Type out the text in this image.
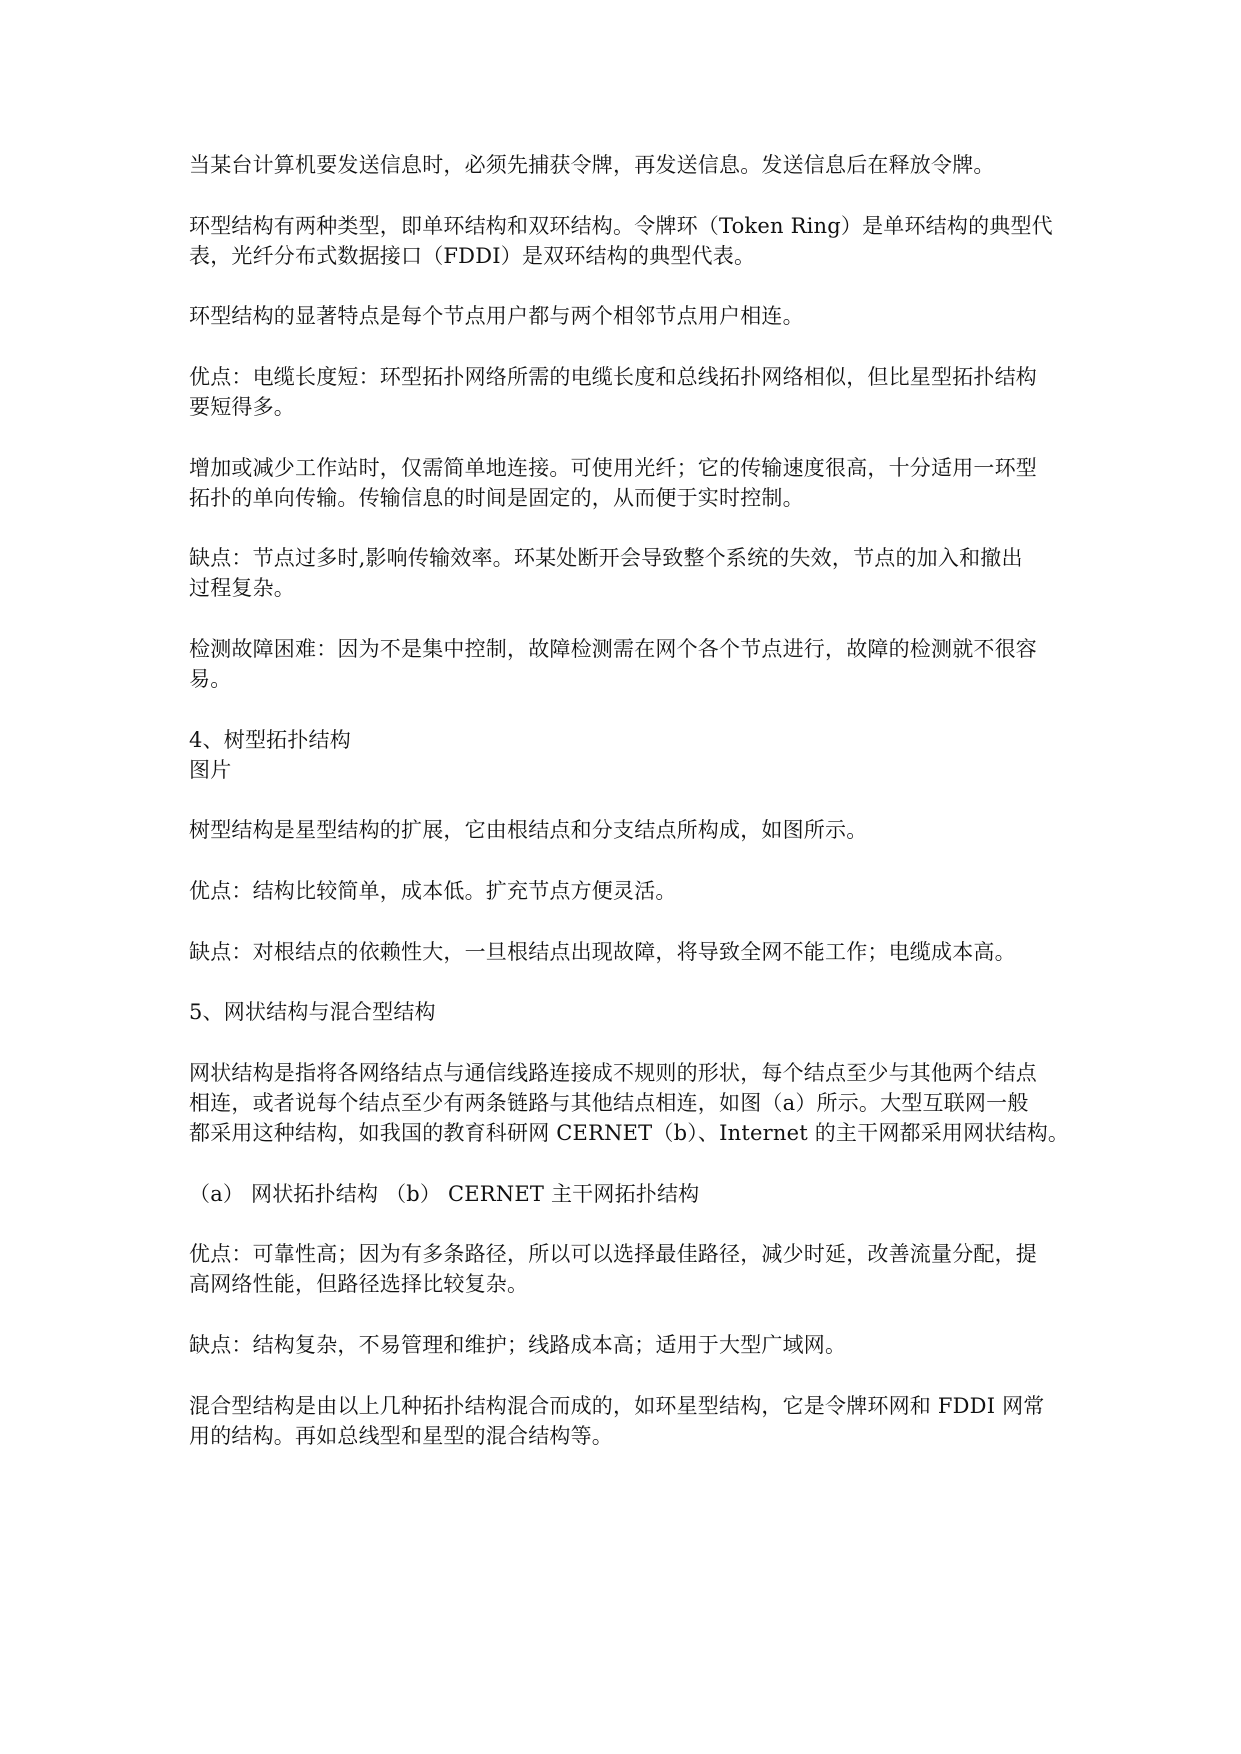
当某台计算机要发送信息时，必须先捕获令牌，再发送信息。发送信息后在释放令牌。
环型结构有两种类型，即单环结构和双环结构。令牌环（Token Ring）是单环结构的典型代
表，光纤分布式数据接口（FDDI）是双环结构的典型代表。
环型结构的显著特点是每个节点用户都与两个相邻节点用户相连。
优点：电缆长度短：环型拓扑网络所需的电缆长度和总线拓扑网络相似，但比星型拓扑结构
要短得多。
增加或减少工作站时，仅需简单地连接。可使用光纤；它的传输速度很高，十分适用一环型
拓扑的单向传输。传输信息的时间是固定的，从而便于实时控制。
缺点：节点过多时,影响传输效率。环某处断开会导致整个系统的失效，节点的加入和撤出
过程复杂。
检测故障困难：因为不是集中控制，故障检测需在网个各个节点进行，故障的检测就不很容
易。
4、树型拓扑结构
图片
树型结构是星型结构的扩展，它由根结点和分支结点所构成，如图所示。
优点：结构比较简单，成本低。扩充节点方便灵活。
缺点：对根结点的依赖性大，一旦根结点出现故障，将导致全网不能工作；电缆成本高。
5、网状结构与混合型结构
网状结构是指将各网络结点与通信线路连接成不规则的形状，每个结点至少与其他两个结点
相连，或者说每个结点至少有两条链路与其他结点相连，如图（a）所示。大型互联网一般
都采用这种结构，如我国的教育科研网 CERNET（b）、Internet 的主干网都采用网状结构。
（a） 网状拓扑结构 （b） CERNET 主干网拓扑结构
优点：可靠性高；因为有多条路径，所以可以选择最佳路径，减少时延，改善流量分配，提
高网络性能，但路径选择比较复杂。
缺点：结构复杂，不易管理和维护；线路成本高；适用于大型广域网。
混合型结构是由以上几种拓扑结构混合而成的，如环星型结构，它是令牌环网和 FDDI 网常
用的结构。再如总线型和星型的混合结构等。
